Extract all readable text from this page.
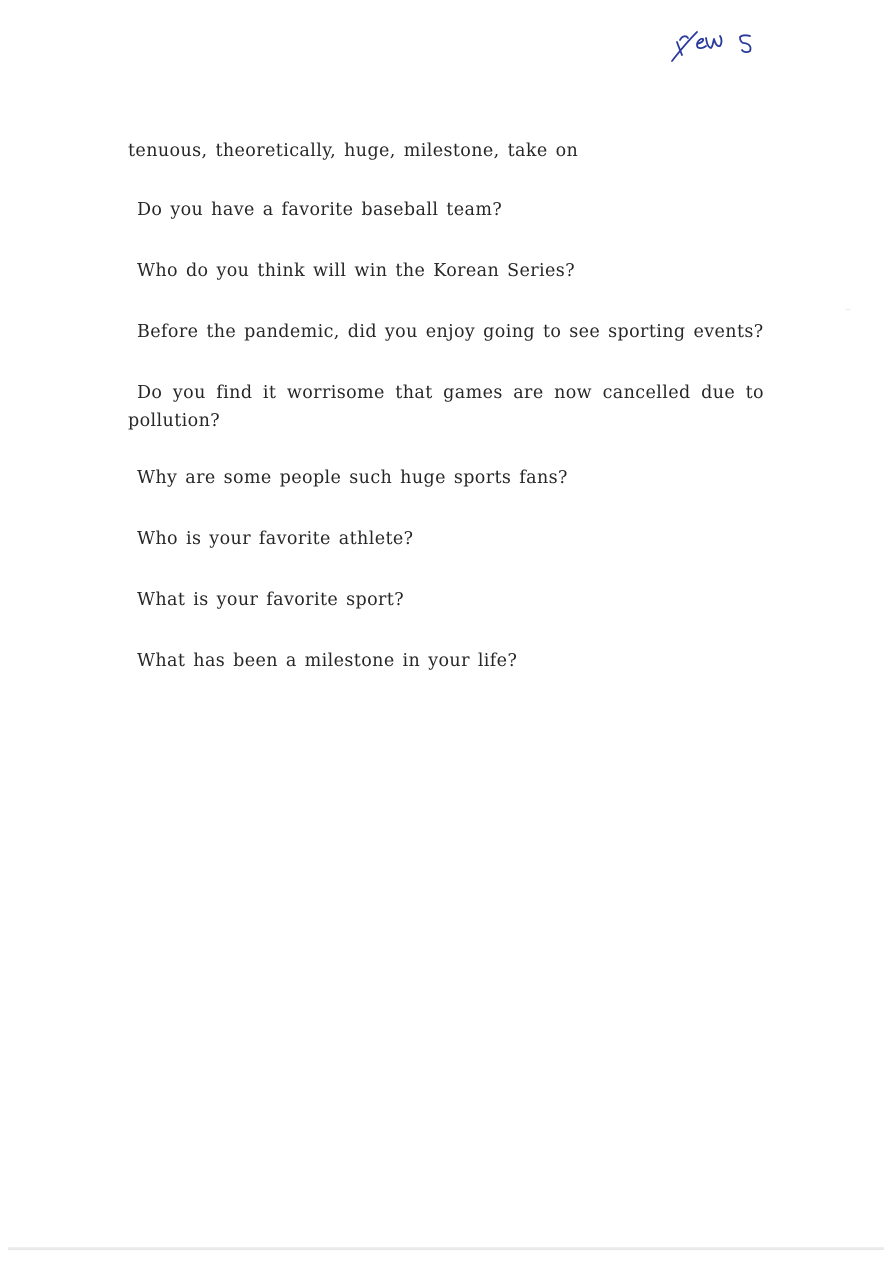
tenuous, theoretically, huge, milestone, take on

Do you have a favorite baseball team?
Who do you think will win the Korean Series?
Before the pandemic, did you enjoy going to see sporting events?
Do you find it worrisome that games are now cancelled due to pollution?
Why are some people such huge sports fans?
Who is your favorite athlete?
What is your favorite sport?
What has been a milestone in your life?
